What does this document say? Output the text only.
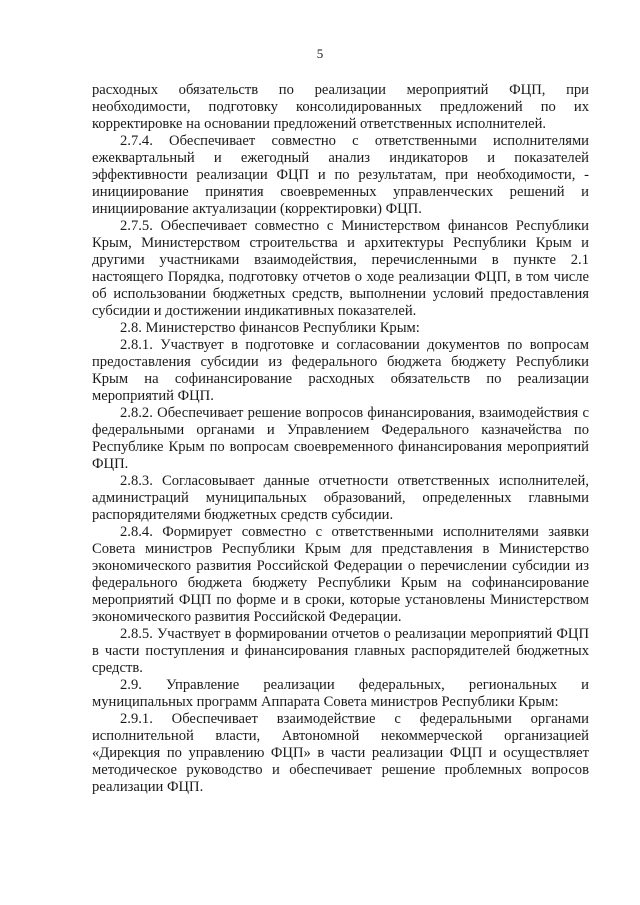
5

расходных обязательств по реализации мероприятий ФЦП, при необходимости, подготовку консолидированных предложений по их корректировке на основании предложений ответственных исполнителей.

2.7.4. Обеспечивает совместно с ответственными исполнителями ежеквартальный и ежегодный анализ индикаторов и показателей эффективности реализации ФЦП и по результатам, при необходимости, - инициирование принятия своевременных управленческих решений и инициирование актуализации (корректировки) ФЦП.

2.7.5. Обеспечивает совместно с Министерством финансов Республики Крым, Министерством строительства и архитектуры Республики Крым и другими участниками взаимодействия, перечисленными в пункте 2.1 настоящего Порядка, подготовку отчетов о ходе реализации ФЦП, в том числе об использовании бюджетных средств, выполнении условий предоставления субсидии и достижении индикативных показателей.

2.8. Министерство финансов Республики Крым:

2.8.1. Участвует в подготовке и согласовании документов по вопросам предоставления субсидии из федерального бюджета бюджету Республики Крым на софинансирование расходных обязательств по реализации мероприятий ФЦП.

2.8.2. Обеспечивает решение вопросов финансирования, взаимодействия с федеральными органами и Управлением Федерального казначейства по Республике Крым по вопросам своевременного финансирования мероприятий ФЦП.

2.8.3. Согласовывает данные отчетности ответственных исполнителей, администраций муниципальных образований, определенных главными распорядителями бюджетных средств субсидии.

2.8.4. Формирует совместно с ответственными исполнителями заявки Совета министров Республики Крым для представления в Министерство экономического развития Российской Федерации о перечислении субсидии из федерального бюджета бюджету Республики Крым на софинансирование мероприятий ФЦП по форме и в сроки, которые установлены Министерством экономического развития Российской Федерации.

2.8.5. Участвует в формировании отчетов о реализации мероприятий ФЦП в части поступления и финансирования главных распорядителей бюджетных средств.

2.9. Управление реализации федеральных, региональных и муниципальных программ Аппарата Совета министров Республики Крым:

2.9.1. Обеспечивает взаимодействие с федеральными органами исполнительной власти, Автономной некоммерческой организацией «Дирекция по управлению ФЦП» в части реализации ФЦП и осуществляет методическое руководство и обеспечивает решение проблемных вопросов реализации ФЦП.
